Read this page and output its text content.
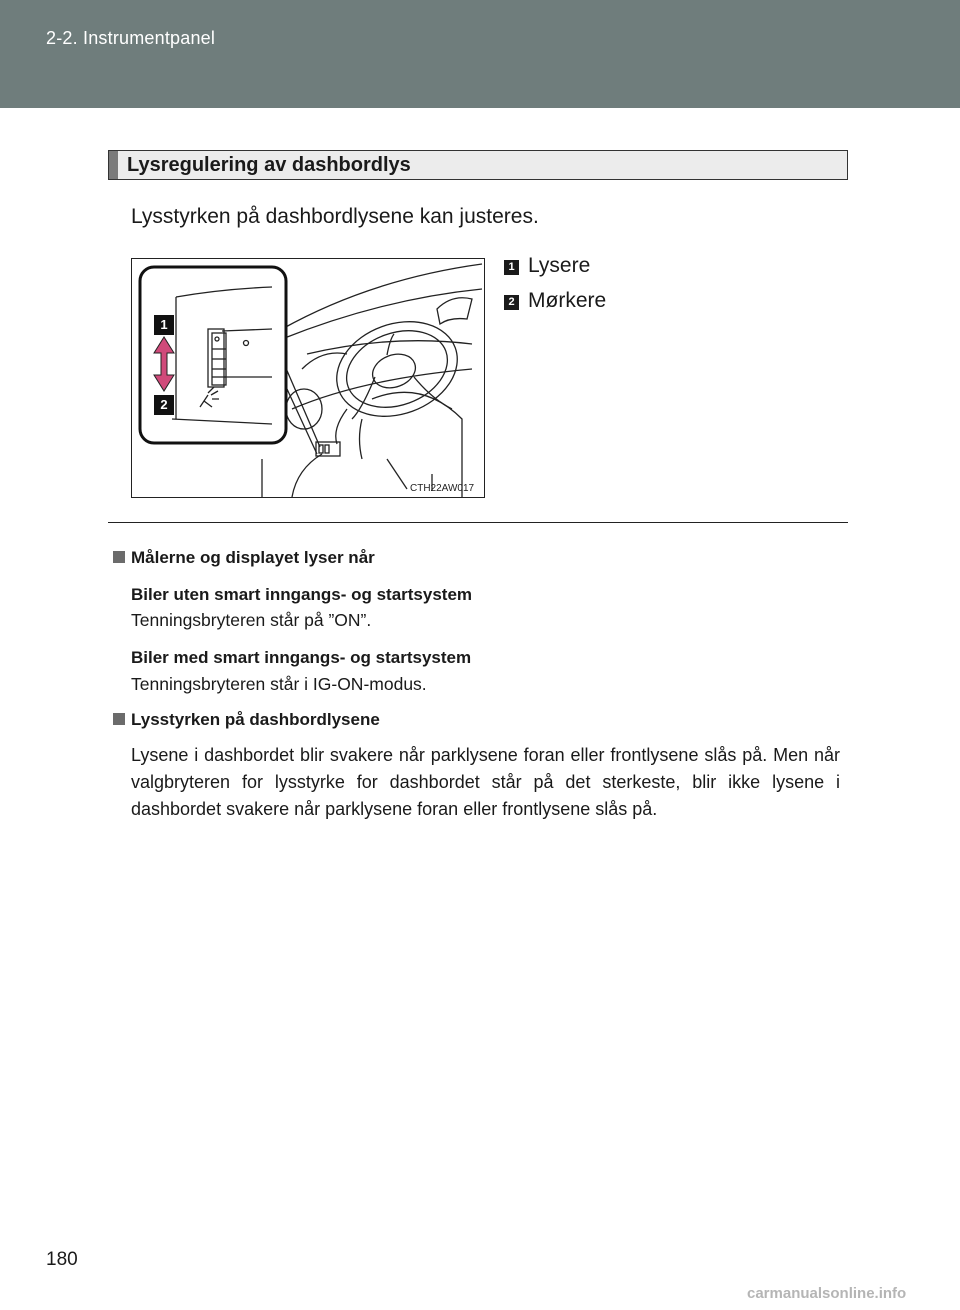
2-2. Instrumentpanel
Lysregulering av dashbordlys
Lysstyrken på dashbordlysene kan justeres.
1
2
CTH22AW017
1 Lysere
2 Mørkere
Målerne og displayet lyser når
Biler uten smart inngangs- og startsystem
Tenningsbryteren står på ”ON”.
Biler med smart inngangs- og startsystem
Tenningsbryteren står i IG-ON-modus.
Lysstyrken på dashbordlysene
Lysene i dashbordet blir svakere når parklysene foran eller frontlysene slås på. Men når valgbryteren for lysstyrke for dashbordet står på det sterkeste, blir ikke lysene i dashbordet svakere når parklysene foran eller frontlysene slås på.
180
carmanualsonline.info
